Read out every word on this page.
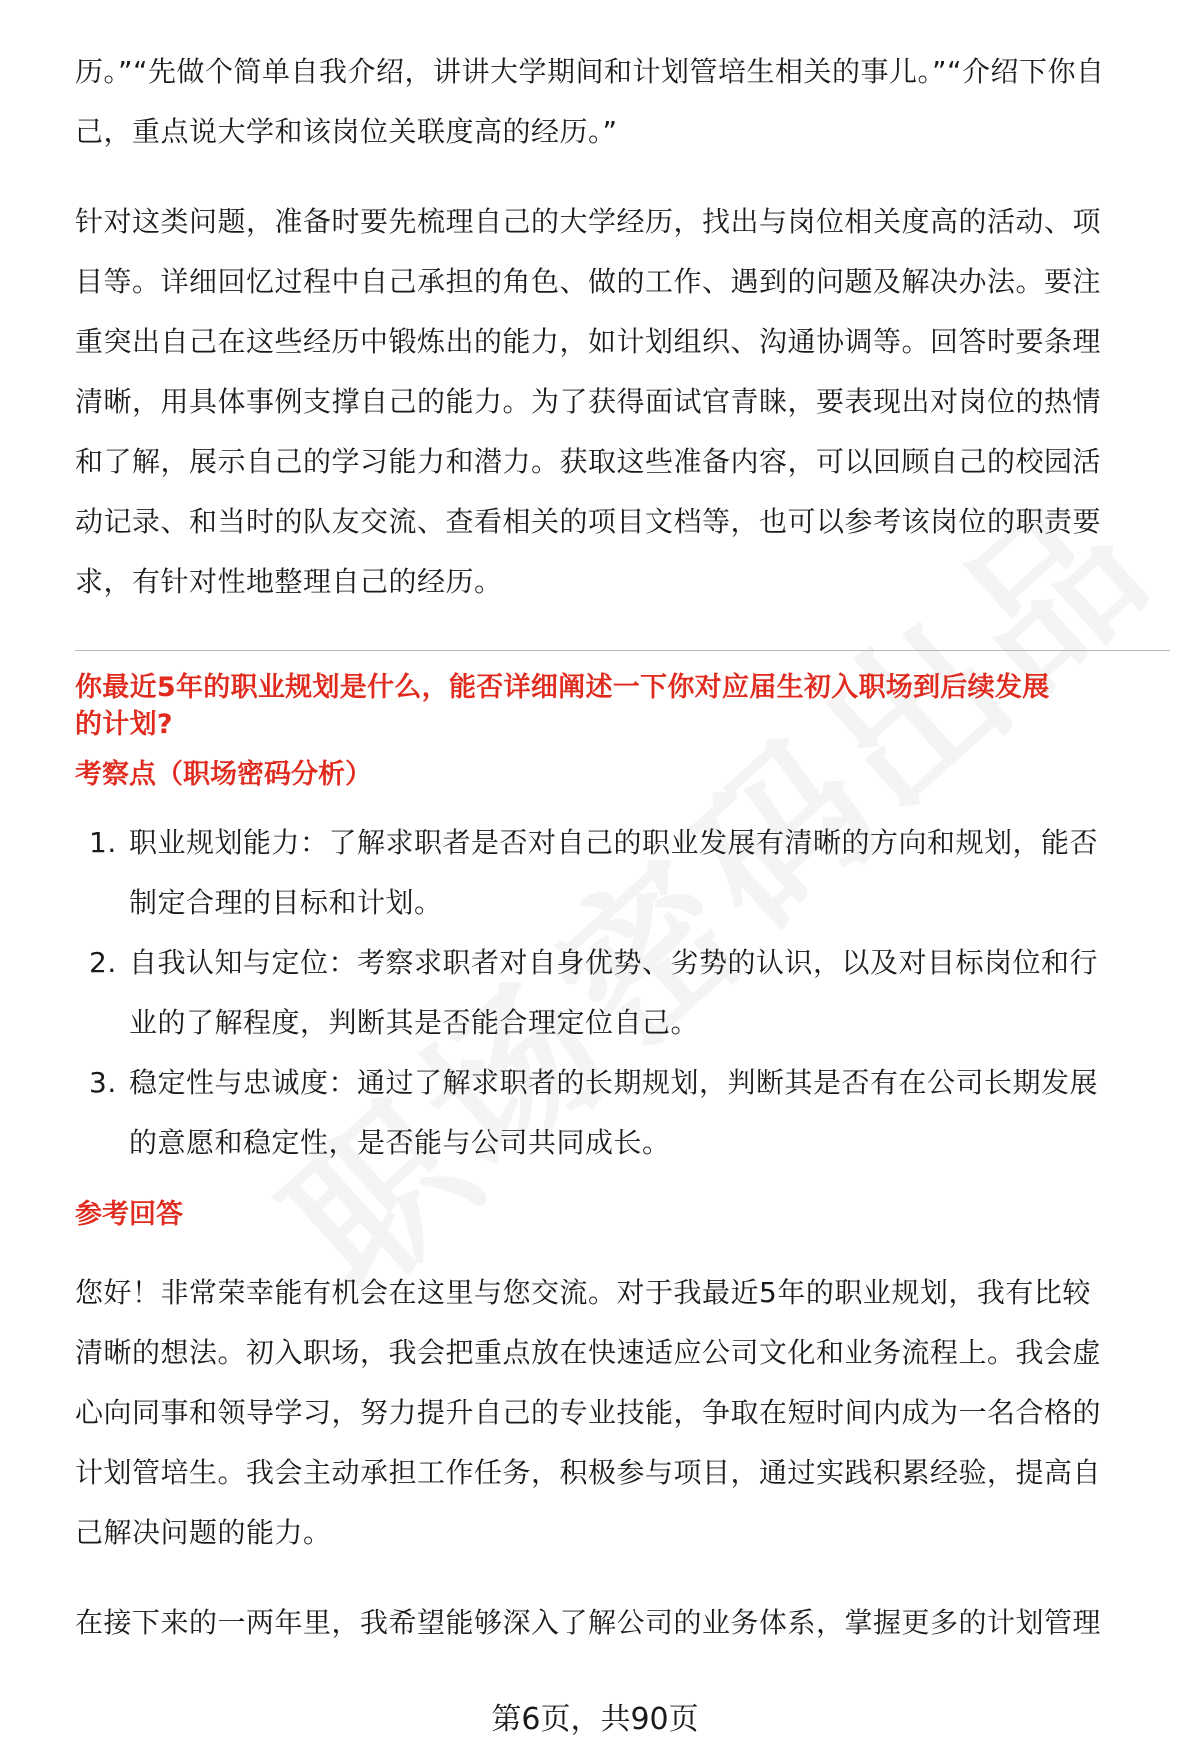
历。”“先做个简单自我介绍，讲讲大学期间和计划管培生相关的事儿。”“介绍下你自
己，重点说大学和该岗位关联度高的经历。”
针对这类问题，准备时要先梳理自己的大学经历，找出与岗位相关度高的活动、项
目等。详细回忆过程中自己承担的角色、做的工作、遇到的问题及解决办法。要注
重突出自己在这些经历中锻炼出的能力，如计划组织、沟通协调等。回答时要条理
清晰，用具体事例支撑自己的能力。为了获得面试官青睐，要表现出对岗位的热情
和了解，展示自己的学习能力和潜力。获取这些准备内容，可以回顾自己的校园活
动记录、和当时的队友交流、查看相关的项目文档等，也可以参考该岗位的职责要
求，有针对性地整理自己的经历。
你最近5年的职业规划是什么，能否详细阐述一下你对应届生初入职场到后续发展
的计划?
考察点（职场密码分析）
1. 职业规划能力：了解求职者是否对自己的职业发展有清晰的方向和规划，能否
制定合理的目标和计划。
2. 自我认知与定位：考察求职者对自身优势、劣势的认识，以及对目标岗位和行
业的了解程度，判断其是否能合理定位自己。
3. 稳定性与忠诚度：通过了解求职者的长期规划，判断其是否有在公司长期发展
的意愿和稳定性，是否能与公司共同成长。
参考回答
您好！非常荣幸能有机会在这里与您交流。对于我最近5年的职业规划，我有比较
清晰的想法。初入职场，我会把重点放在快速适应公司文化和业务流程上。我会虚
心向同事和领导学习，努力提升自己的专业技能，争取在短时间内成为一名合格的
计划管培生。我会主动承担工作任务，积极参与项目，通过实践积累经验，提高自
己解决问题的能力。
在接下来的一两年里，我希望能够深入了解公司的业务体系，掌握更多的计划管理
第6页，共90页
